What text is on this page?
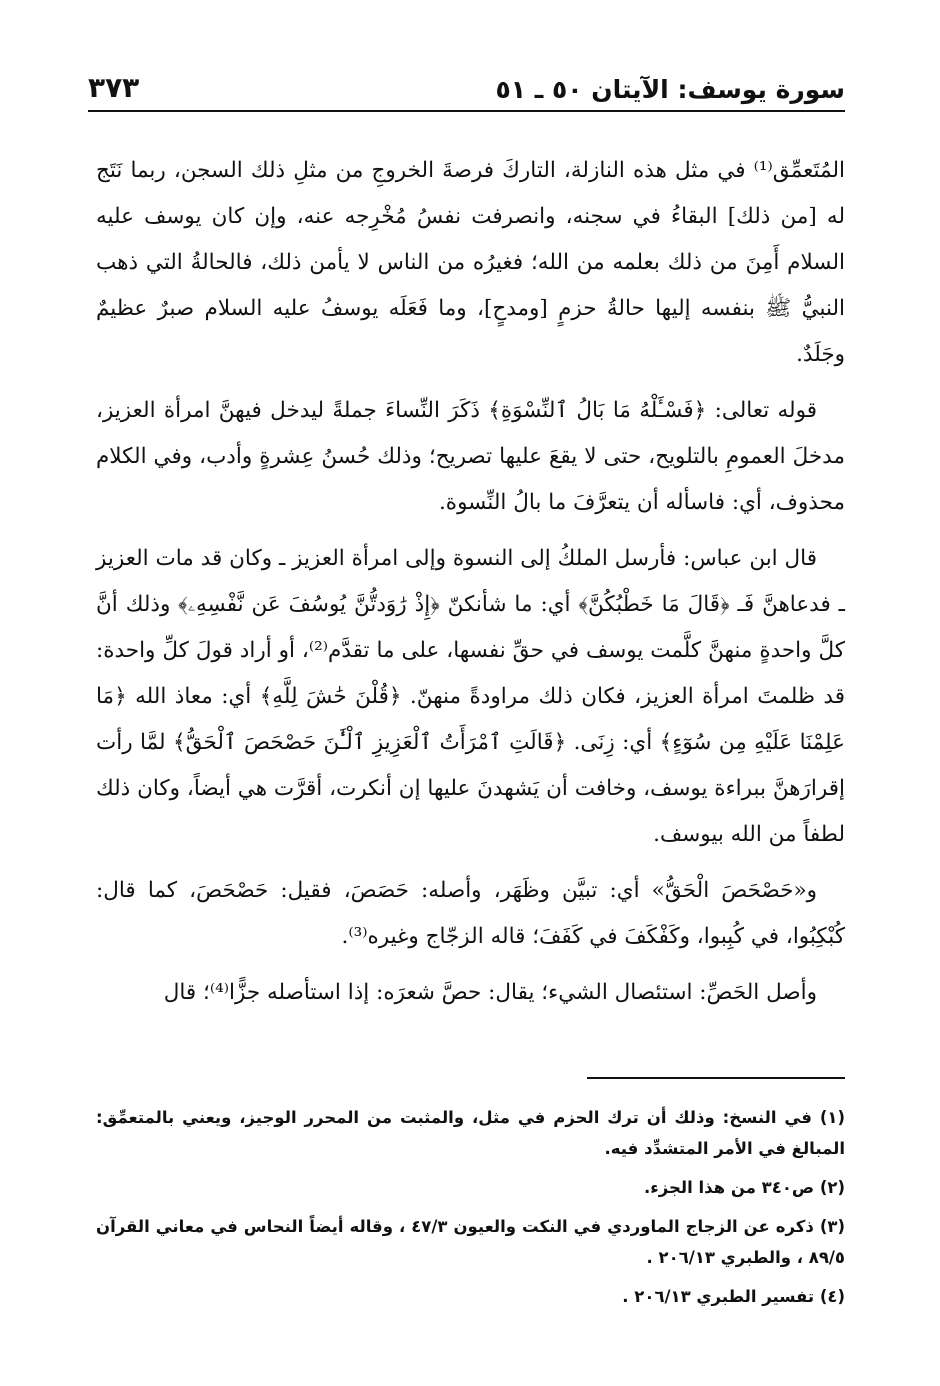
سورة يوسف: الآيتان ٥٠ ـ ٥١
٣٧٣

المُتَعمِّق⁽¹⁾ في مثل هذه النازلة، التاركَ فرصةَ الخروجِ من مثلِ ذلك السجن، ربما نَتَج له [من ذلك] البقاءُ في سجنه، وانصرفت نفسُ مُخْرِجه عنه، وإن كان يوسف عليه السلام أَمِنَ من ذلك بعلمه من الله؛ فغيرُه من الناس لا يأمن ذلك، فالحالةُ التي ذهب النبيُّ ﷺ بنفسه إليها حالةُ حزمٍ [ومدحٍ]، وما فَعَلَه يوسفُ عليه السلام صبرٌ عظيمٌ وجَلَدٌ.

قوله تعالى: ﴿فَسْـَٔلْهُ مَا بَالُ ٱلنِّسْوَةِ﴾ ذَكَرَ النِّساءَ جملةً ليدخل فيهنَّ امرأة العزيز، مدخلَ العمومِ بالتلويح، حتى لا يقعَ عليها تصريح؛ وذلك حُسنُ عِشرةٍ وأدب، وفي الكلام محذوف، أي: فاسأله أن يتعرَّفَ ما بالُ النِّسوة.

قال ابن عباس: فأرسل الملكُ إلى النسوة وإلى امرأة العزيز ـ وكان قد مات العزيز ـ فدعاهنَّ فَـ ﴿قَالَ مَا خَطْبُكُنَّ﴾ أي: ما شأنكنّ ﴿إِذْ رَٰوَدتُّنَّ يُوسُفَ عَن نَّفْسِهِۦ﴾ وذلك أنَّ كلَّ واحدةٍ منهنَّ كلَّمت يوسف في حقِّ نفسها، على ما تقدَّم⁽²⁾، أو أراد قولَ كلِّ واحدة: قد ظلمتَ امرأة العزيز، فكان ذلك مراودةً منهنّ. ﴿قُلْنَ حَٰشَ لِلَّهِ﴾ أي: معاذ الله ﴿مَا عَلِمْنَا عَلَيْهِ مِن سُوٓءٍ﴾ أي: زِنَى. ﴿قَالَتِ ٱمْرَأَتُ ٱلْعَزِيزِ ٱلْـَٰٔنَ حَصْحَصَ ٱلْحَقُّ﴾ لمَّا رأت إقرارَهنَّ ببراءة يوسف، وخافت أن يَشهدنَ عليها إن أنكرت، أقرَّت هي أيضاً، وكان ذلك لطفاً من الله بيوسف.

و«حَصْحَصَ الْحَقُّ» أي: تبيَّن وظَهَر، وأصله: حَصَصَ، فقيل: حَصْحَصَ، كما قال: كُبْكِبُوا، في كُبِبوا، وكَفْكَفَ في كَفَفَ؛ قاله الزجّاج وغيره⁽³⁾.

وأصل الحَصِّ: استئصال الشيء؛ يقال: حصَّ شعرَه: إذا استأصله جزًّا⁽⁴⁾؛ قال

(١) في النسخ: وذلك أن ترك الحزم في مثل، والمثبت من المحرر الوجيز، ويعني بالمتعمِّق: المبالغ في الأمر المتشدِّد فيه.
(٢) ص٣٤٠ من هذا الجزء.
(٣) ذكره عن الزجاج الماوردي في النكت والعيون ٤٧/٣ ، وقاله أيضاً النحاس في معاني القرآن ٨٩/٥ ، والطبري ٢٠٦/١٣ .
(٤) تفسير الطبري ٢٠٦/١٣ .
